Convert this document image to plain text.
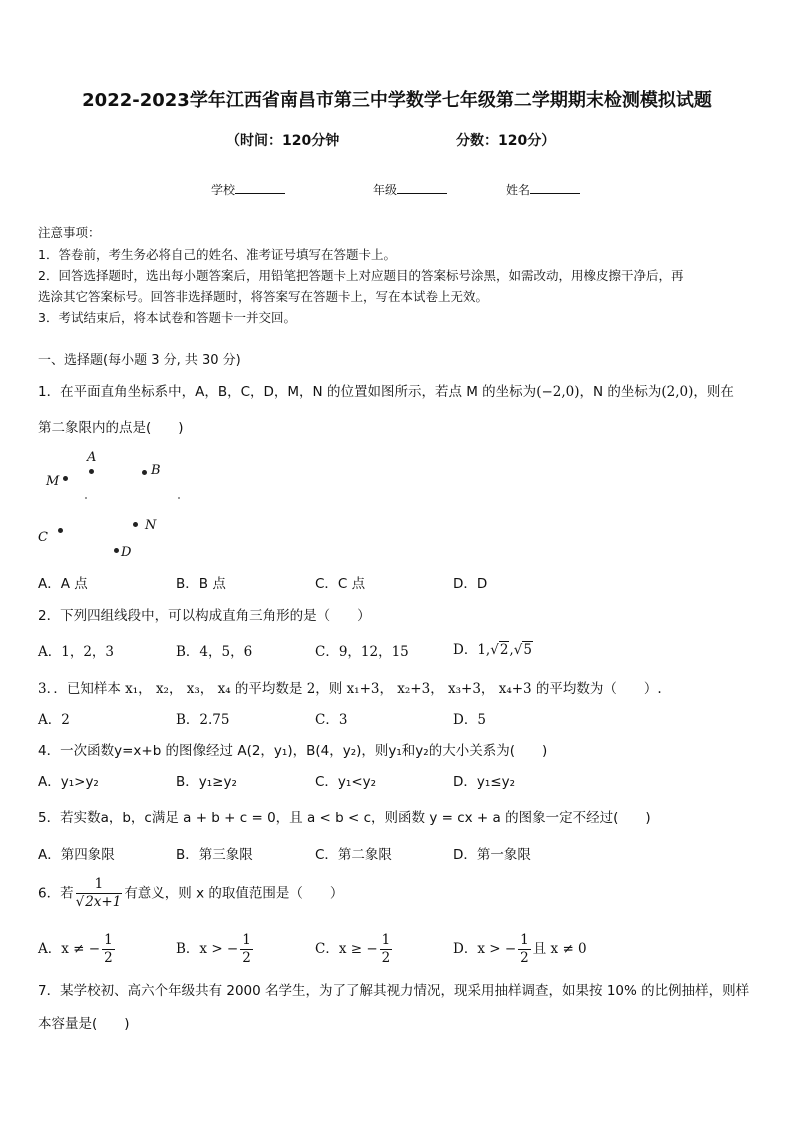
2022-2023学年江西省南昌市第三中学数学七年级第二学期期末检测模拟试题
（时间：120分钟	分数：120分）
学校	年级	姓名
注意事项：
1．答卷前，考生务必将自己的姓名、准考证号填写在答题卡上。
2．回答选择题时，选出每小题答案后，用铅笔把答题卡上对应题目的答案标号涂黑，如需改动，用橡皮擦干净后，再
选涂其它答案标号。回答非选择题时，将答案写在答题卡上，写在本试卷上无效。
3．考试结束后，将本试卷和答题卡一并交回。
一、选择题(每小题 3 分, 共 30 分)
1．在平面直角坐标系中，A，B，C，D，M，N 的位置如图所示，若点 M 的坐标为(−2,0)，N 的坐标为(2,0)，则在
第二象限内的点是(　　)
A
B
M
N
C
D
A．A 点	B．B 点	C．C 点	D．D
2．下列四组线段中，可以构成直角三角形的是（　　）
A．1，2，3	B．4，5，6	C．9，12，15	D．1,√2,√5
3．．已知样本 x₁， x₂， x₃， x₄ 的平均数是 2，则 x₁+3， x₂+3， x₃+3， x₄+3 的平均数为（　　）.
A．2	B．2.75	C．3	D．5
4．一次函数y=x+b 的图像经过 A(2，y₁)，B(4，y₂)，则y₁和y₂的大小关系为(　　)
A．y₁>y₂	B．y₁≥y₂	C．y₁<y₂	D．y₁≤y₂
5．若实数a，b，c满足 a + b + c = 0，且 a < b < c，则函数 y = cx + a 的图象一定不经过(　　)
A．第四象限	B．第三象限	C．第二象限	D．第一象限
6．若 $\frac{1}{√2x+1}$ 有意义，则 x 的取值范围是（　　）
A．x ≠ − $\frac{1}{2}$	B．x > − $\frac{1}{2}$	C．x ≥ − $\frac{1}{2}$	D．x > − $\frac{1}{2}$ 且 x ≠ 0
7．某学校初、高六个年级共有 2000 名学生，为了了解其视力情况，现采用抽样调查，如果按 10% 的比例抽样，则样
本容量是(　　)
